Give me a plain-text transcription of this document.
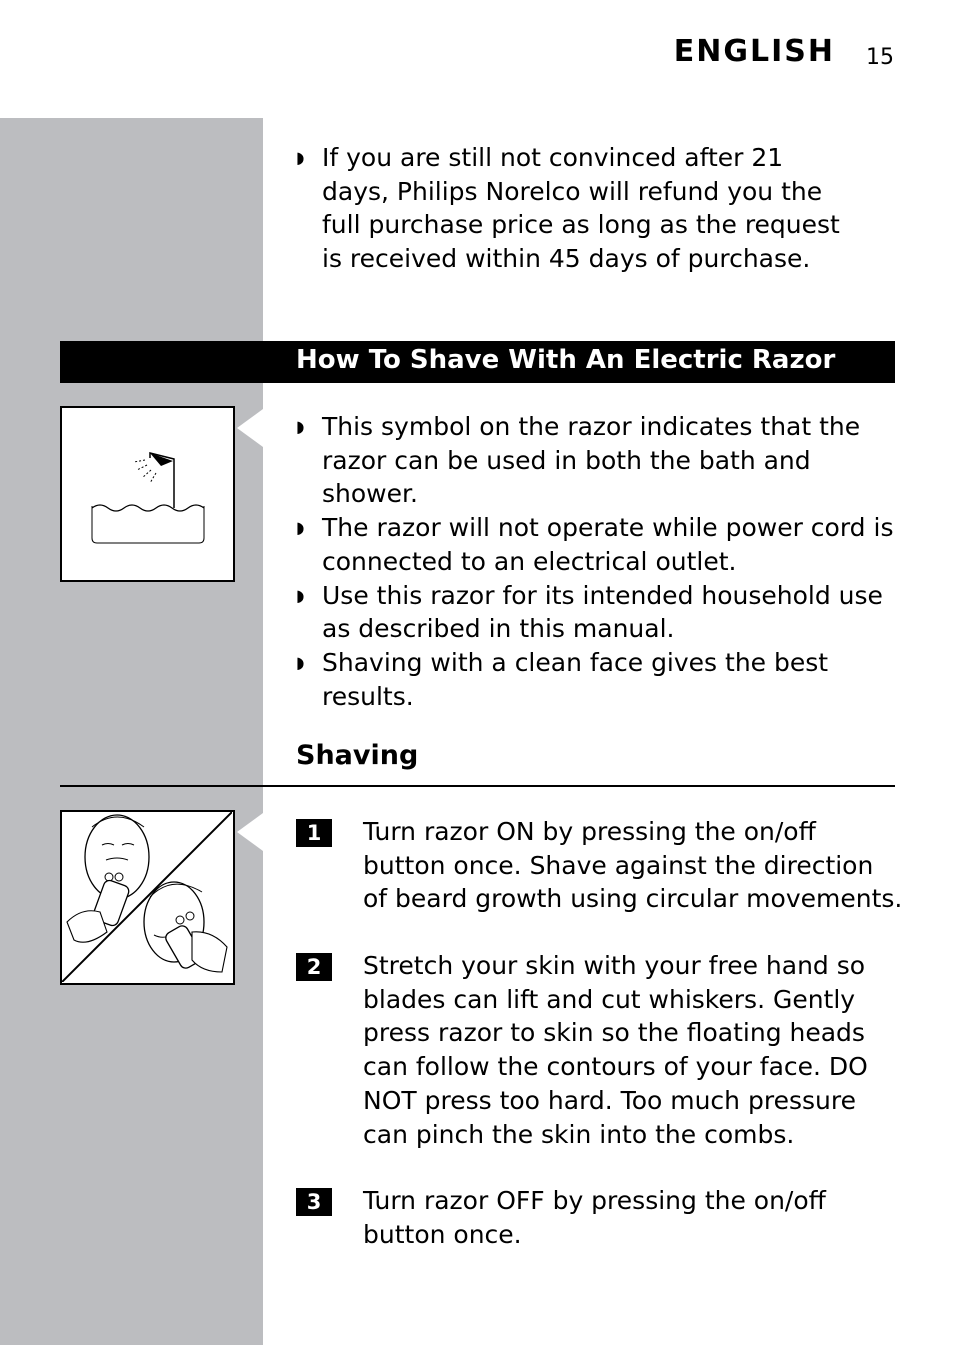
ENGLISH 15
◗ If you are still not convinced after 21 days, Philips Norelco will refund you the full purchase price as long as the request is received within 45 days of purchase.
How To Shave With An Electric Razor
◗ This symbol on the razor indicates that the razor can be used in both the bath and shower.
◗ The razor will not operate while power cord is connected to an electrical outlet.
◗ Use this razor for its intended household use as described in this manual.
◗ Shaving with a clean face gives the best results.
Shaving
1	Turn razor ON by pressing the on/off button once. Shave against the direction of beard growth using circular movements.
2	Stretch your skin with your free hand so blades can lift and cut whiskers. Gently press razor to skin so the floating heads can follow the contours of your face. DO NOT press too hard. Too much pressure can pinch the skin into the combs.
3	Turn razor OFF by pressing the on/off button once.
